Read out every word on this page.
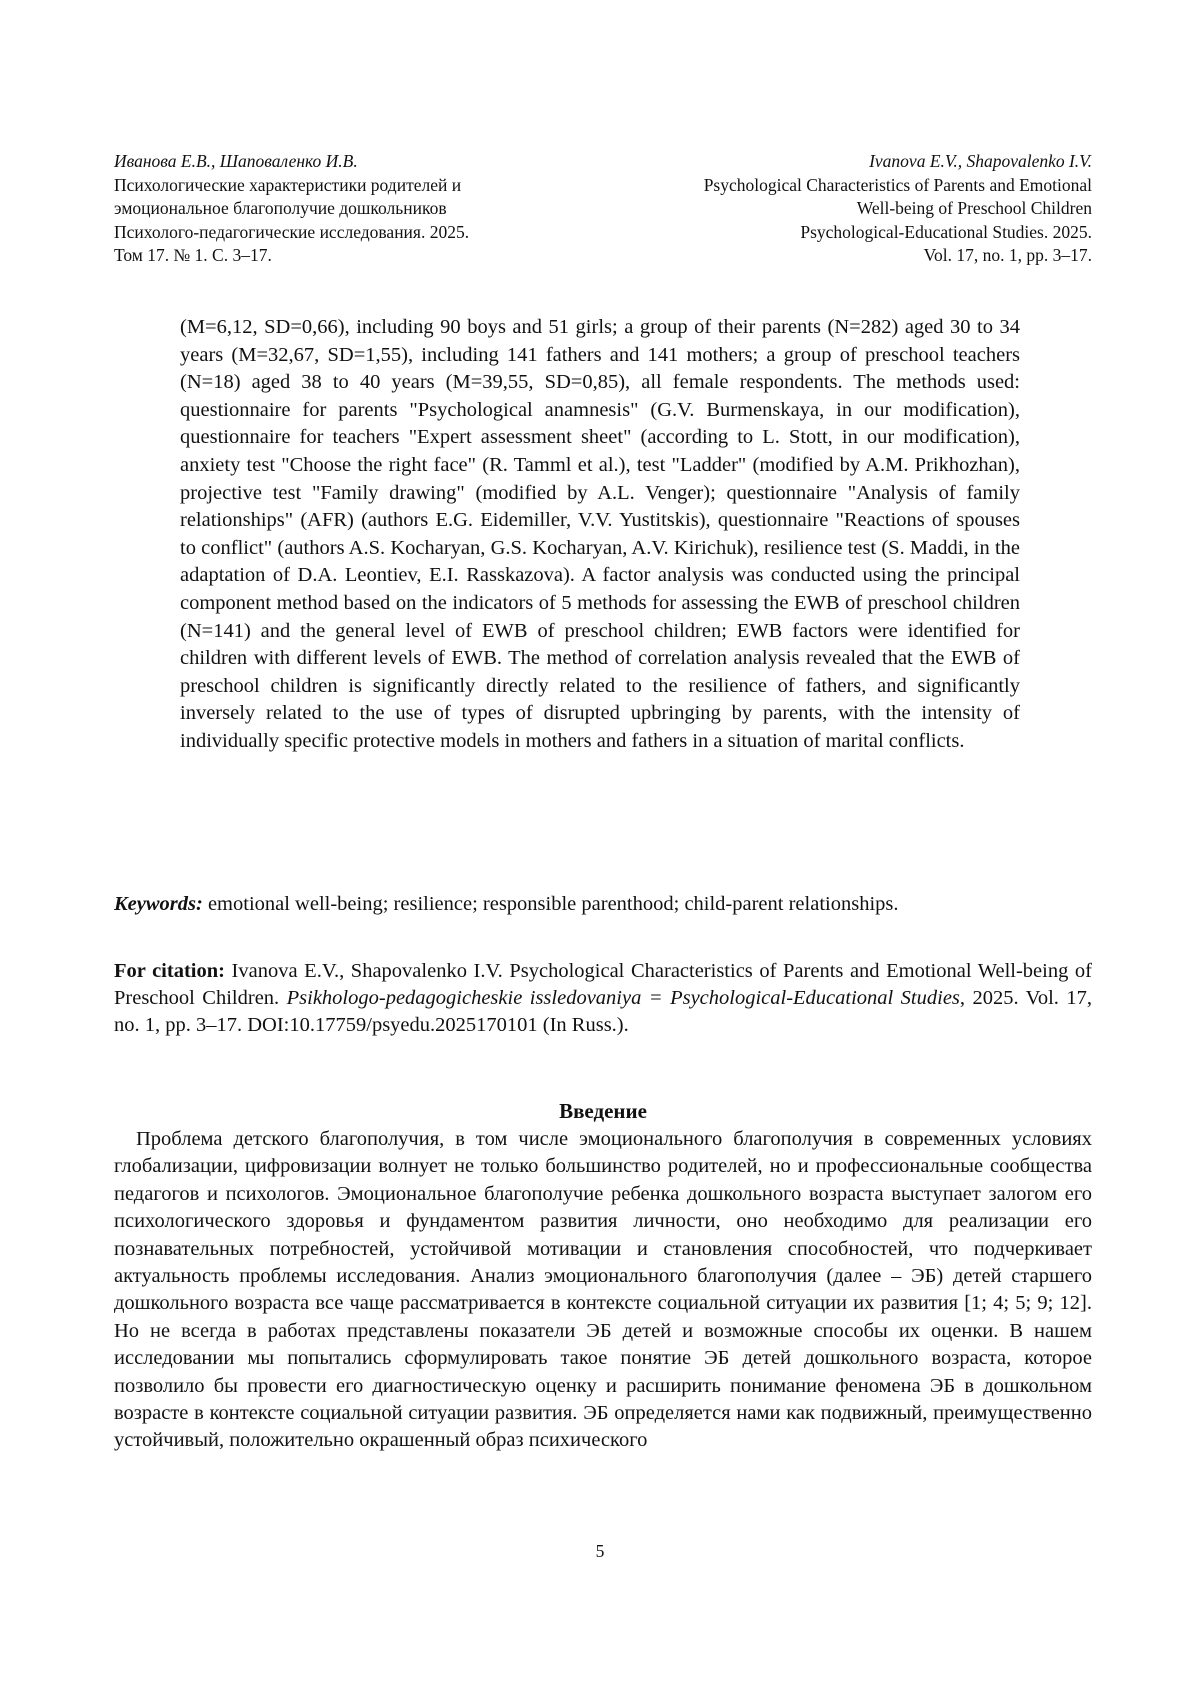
Иванова Е.В., Шаповаленко И.В.
Психологические характеристики родителей и
эмоциональное благополучие дошкольников
Психолого-педагогические исследования. 2025.
Том 17. № 1. С. 3–17.
Ivanova E.V., Shapovalenko I.V.
Psychological Characteristics of Parents and Emotional
Well-being of Preschool Children
Psychological-Educational Studies. 2025.
Vol. 17, no. 1, pp. 3–17.

(M=6,12, SD=0,66), including 90 boys and 51 girls; a group of their parents (N=282) aged 30 to 34 years (M=32,67, SD=1,55), including 141 fathers and 141 mothers; a group of preschool teachers (N=18) aged 38 to 40 years (M=39,55, SD=0,85), all female respondents. The methods used: questionnaire for parents "Psychological anamnesis" (G.V. Burmenskaya, in our modification), questionnaire for teachers "Expert assessment sheet" (according to L. Stott, in our modification), anxiety test "Choose the right face" (R. Tamml et al.), test "Ladder" (modified by A.M. Prikhozhan), projective test "Family drawing" (modified by A.L. Venger); questionnaire "Analysis of family relationships" (AFR) (authors E.G. Eidemiller, V.V. Yustitskis), questionnaire "Reactions of spouses to conflict" (authors A.S. Kocharyan, G.S. Kocharyan, A.V. Kirichuk), resilience test (S. Maddi, in the adaptation of D.A. Leontiev, E.I. Rasskazova). A factor analysis was conducted using the principal component method based on the indicators of 5 methods for assessing the EWB of preschool children (N=141) and the general level of EWB of preschool children; EWB factors were identified for children with different levels of EWB. The method of correlation analysis revealed that the EWB of preschool children is significantly directly related to the resilience of fathers, and significantly inversely related to the use of types of disrupted upbringing by parents, with the intensity of individually specific protective models in mothers and fathers in a situation of marital conflicts.

Keywords: emotional well-being; resilience; responsible parenthood; child-parent relationships.

For citation: Ivanova E.V., Shapovalenko I.V. Psychological Characteristics of Parents and Emotional Well-being of Preschool Children. Psikhologo-pedagogicheskie issledovaniya = Psychological-Educational Studies, 2025. Vol. 17, no. 1, pp. 3–17. DOI:10.17759/psyedu.2025170101 (In Russ.).

Введение

Проблема детского благополучия, в том числе эмоционального благополучия в современных условиях глобализации, цифровизации волнует не только большинство родителей, но и профессиональные сообщества педагогов и психологов. Эмоциональное благополучие ребенка дошкольного возраста выступает залогом его психологического здоровья и фундаментом развития личности, оно необходимо для реализации его познавательных потребностей, устойчивой мотивации и становления способностей, что подчеркивает актуальность проблемы исследования. Анализ эмоционального благополучия (далее – ЭБ) детей старшего дошкольного возраста все чаще рассматривается в контексте социальной ситуации их развития [1; 4; 5; 9; 12]. Но не всегда в работах представлены показатели ЭБ детей и возможные способы их оценки. В нашем исследовании мы попытались сформулировать такое понятие ЭБ детей дошкольного возраста, которое позволило бы провести его диагностическую оценку и расширить понимание феномена ЭБ в дошкольном возрасте в контексте социальной ситуации развития. ЭБ определяется нами как подвижный, преимущественно устойчивый, положительно окрашенный образ психического

5
